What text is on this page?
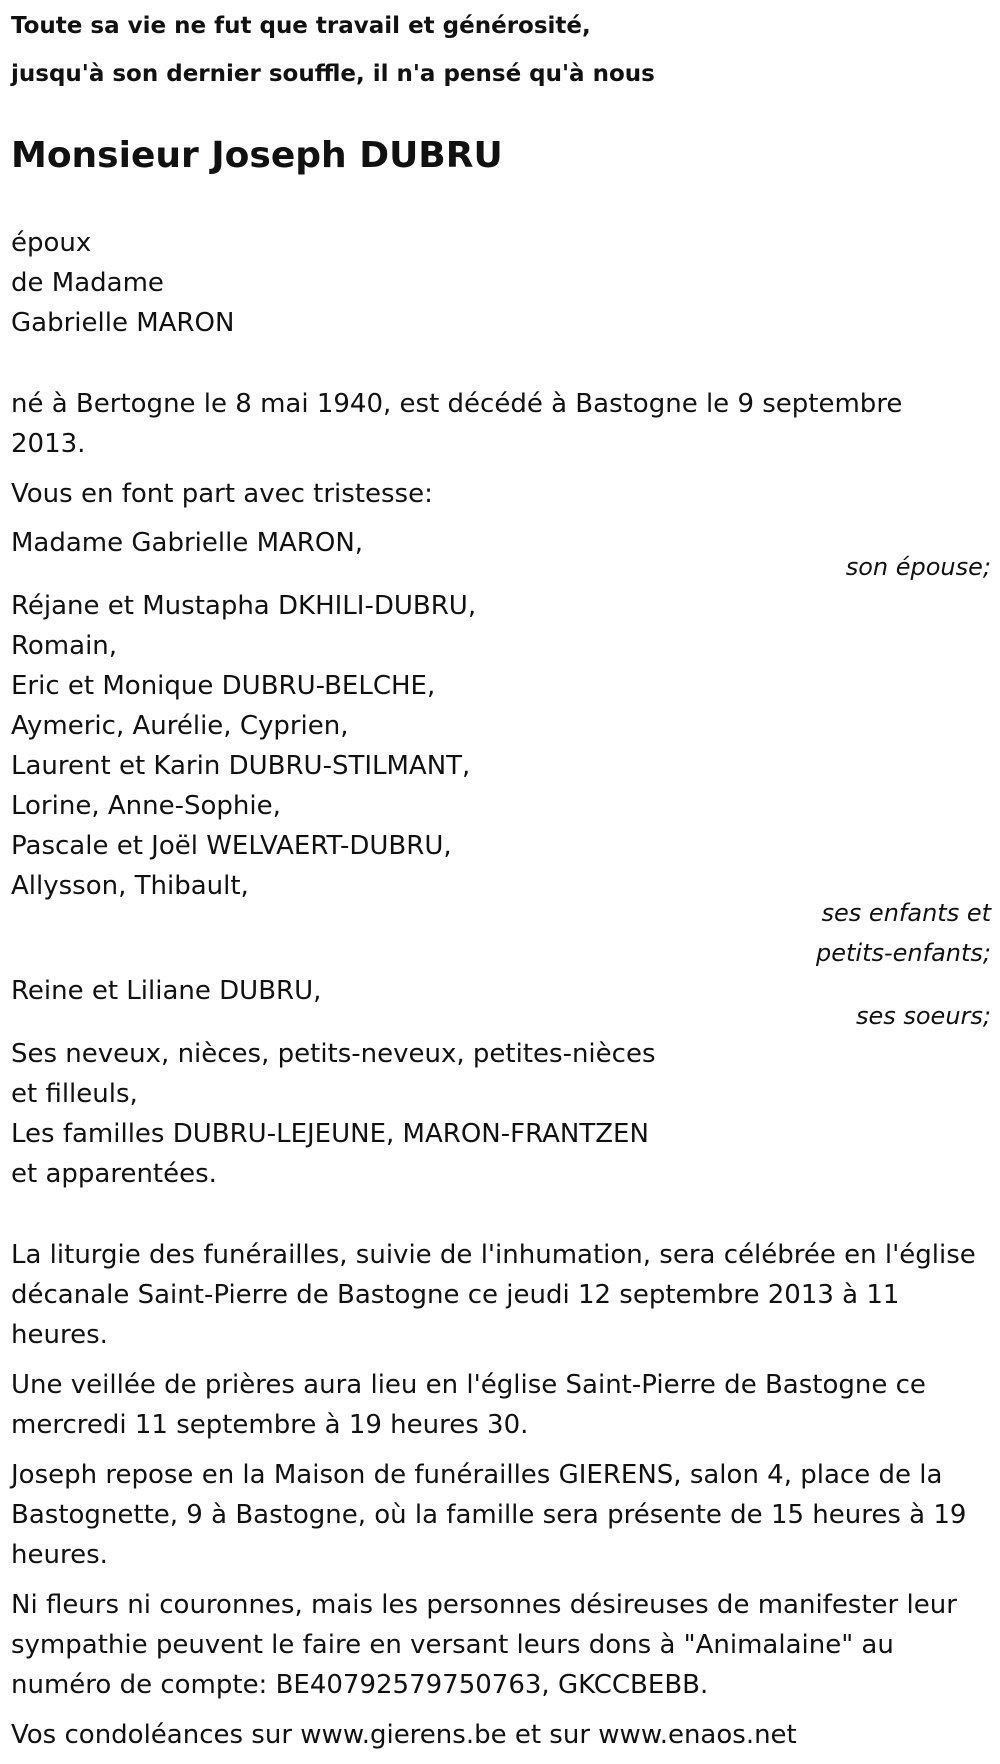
Toute sa vie ne fut que travail et générosité,
jusqu'à son dernier souffle, il n'a pensé qu'à nous
Monsieur Joseph DUBRU
époux
de Madame
Gabrielle MARON
né à Bertogne le 8 mai 1940, est décédé à Bastogne le 9 septembre 2013.
Vous en font part avec tristesse:
Madame Gabrielle MARON,
son épouse;
Réjane et Mustapha DKHILI-DUBRU,
Romain,
Eric et Monique DUBRU-BELCHE,
Aymeric, Aurélie, Cyprien,
Laurent et Karin DUBRU-STILMANT,
Lorine, Anne-Sophie,
Pascale et Joël WELVAERT-DUBRU,
Allysson, Thibault,
ses enfants et
petits-enfants;
Reine et Liliane DUBRU,
ses soeurs;
Ses neveux, nièces, petits-neveux, petites-nièces
et filleuls,
Les familles DUBRU-LEJEUNE, MARON-FRANTZEN
et apparentées.
La liturgie des funérailles, suivie de l'inhumation, sera célébrée en l'église décanale Saint-Pierre de Bastogne ce jeudi 12 septembre 2013 à 11 heures.
Une veillée de prières aura lieu en l'église Saint-Pierre de Bastogne ce mercredi 11 septembre à 19 heures 30.
Joseph repose en la Maison de funérailles GIERENS, salon 4, place de la Bastognette, 9 à Bastogne, où la famille sera présente de 15 heures à 19 heures.
Ni fleurs ni couronnes, mais les personnes désireuses de manifester leur sympathie peuvent le faire en versant leurs dons à "Animalaine" au numéro de compte: BE40792579750763, GKCCBEBB.
Vos condoléances sur www.gierens.be et sur www.enaos.net
